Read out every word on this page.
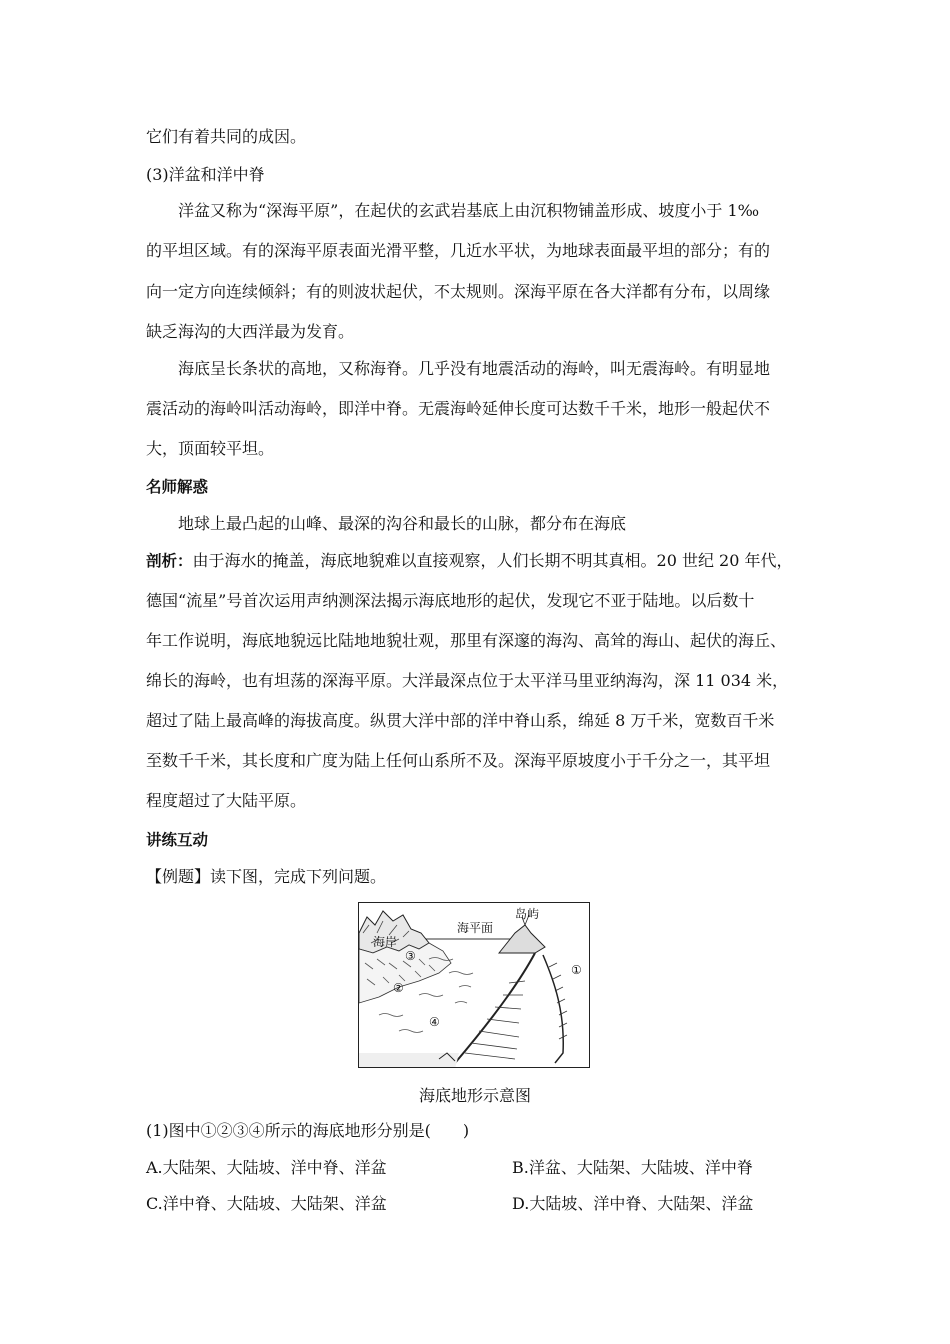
它们有着共同的成因。
(3)洋盆和洋中脊
洋盆又称为“深海平原”，在起伏的玄武岩基底上由沉积物铺盖形成、坡度小于 1‰
的平坦区域。有的深海平原表面光滑平整，几近水平状，为地球表面最平坦的部分；有的
向一定方向连续倾斜；有的则波状起伏，不太规则。深海平原在各大洋都有分布，以周缘
缺乏海沟的大西洋最为发育。
海底呈长条状的高地，又称海脊。几乎没有地震活动的海岭，叫无震海岭。有明显地
震活动的海岭叫活动海岭，即洋中脊。无震海岭延伸长度可达数千千米，地形一般起伏不
大，顶面较平坦。
名师解惑
地球上最凸起的山峰、最深的沟谷和最长的山脉，都分布在海底
剖析：由于海水的掩盖，海底地貌难以直接观察，人们长期不明其真相。20 世纪 20 年代，
德国“流星”号首次运用声纳测深法揭示海底地形的起伏，发现它不亚于陆地。以后数十
年工作说明，海底地貌远比陆地地貌壮观，那里有深邃的海沟、高耸的海山、起伏的海丘、
绵长的海岭，也有坦荡的深海平原。大洋最深点位于太平洋马里亚纳海沟，深 11 034 米，
超过了陆上最高峰的海拔高度。纵贯大洋中部的洋中脊山系，绵延 8 万千米，宽数百千米
至数千千米，其长度和广度为陆上任何山系所不及。深海平原坡度小于千分之一，其平坦
程度超过了大陆平原。
讲练互动
【例题】读下图，完成下列问题。
岛屿
海平面
海岸
③
②
①
④
海底地形示意图
(1)图中①②③④所示的海底地形分别是(　　)
A.大陆架、大陆坡、洋中脊、洋盆	B.洋盆、大陆架、大陆坡、洋中脊
C.洋中脊、大陆坡、大陆架、洋盆	D.大陆坡、洋中脊、大陆架、洋盆
